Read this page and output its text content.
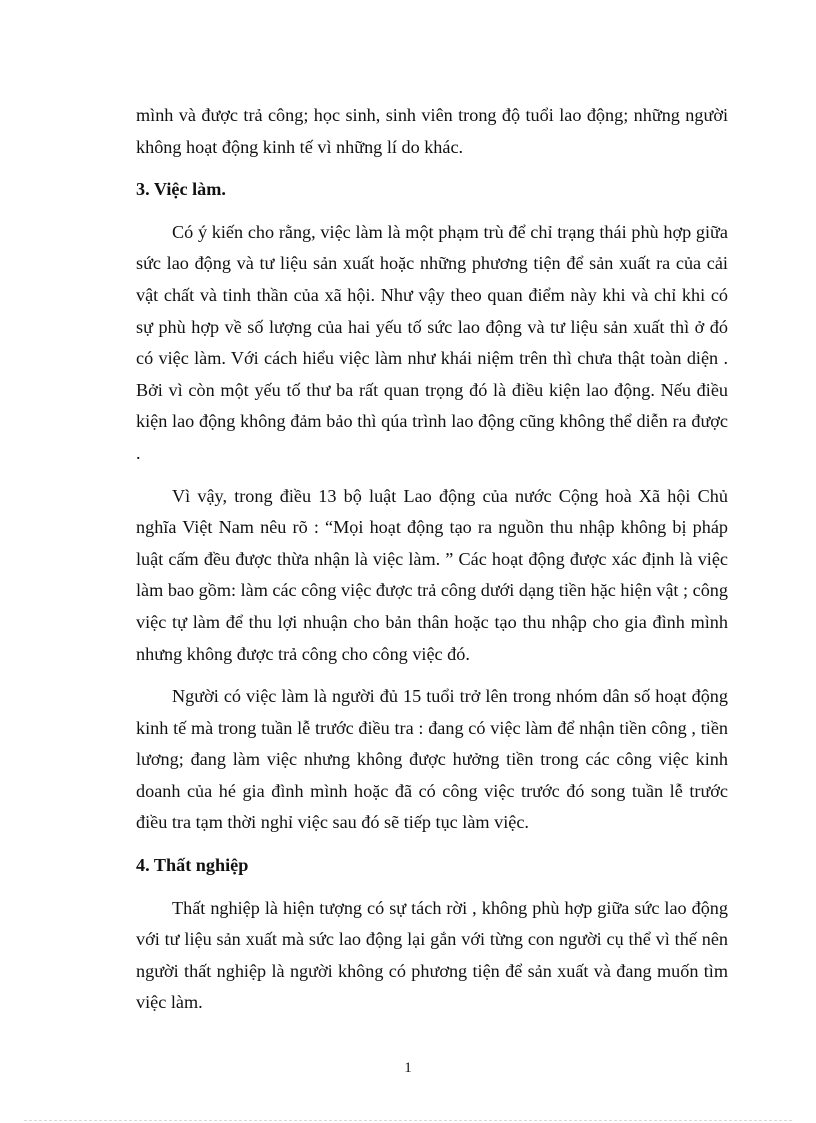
mình và được trả công; học sinh, sinh viên trong độ tuổi lao động; những người không hoạt động kinh tế vì những lí do khác.

3. Việc làm.

Có ý kiến cho rằng, việc làm là một phạm trù để chỉ trạng thái phù hợp giữa sức lao động và tư liệu sản xuất hoặc những phương tiện để sản xuất ra của cải vật chất và tinh thần của xã hội. Như vậy theo quan điểm này khi và chỉ khi có sự phù hợp về số lượng của hai yếu tố sức lao động và tư liệu sản xuất thì ở đó có việc làm. Với cách hiểu việc làm như khái niệm trên thì chưa thật toàn diện . Bởi vì còn một yếu tố thư ba rất quan trọng đó là điều kiện lao động. Nếu điều kiện lao động không đảm bảo thì qúa trình lao động cũng không thể diễn ra được .

Vì vậy, trong điều 13 bộ luật Lao động của nước Cộng hoà Xã hội Chủ nghĩa Việt Nam nêu rõ : “Mọi hoạt động tạo ra nguồn thu nhập không bị pháp luật cấm đều được thừa nhận là việc làm. ” Các hoạt động được xác định là việc làm bao gồm: làm các công việc được trả công dưới dạng tiền hặc hiện vật ; công việc tự làm để thu lợi nhuận cho bản thân hoặc tạo thu nhập cho gia đình mình nhưng không được trả công cho công việc đó.

Người có việc làm là người đủ 15 tuổi trở lên trong nhóm dân số hoạt động kinh tế mà trong tuần lễ trước điều tra : đang có việc làm để nhận tiền công , tiền lương; đang làm việc nhưng không được hưởng tiền trong các công việc kinh doanh của hé gia đình mình hoặc đã có công việc trước đó song tuần lễ trước điều tra tạm thời nghỉ việc sau đó sẽ tiếp tục làm việc.

4. Thất nghiệp

Thất nghiệp là hiện tượng có sự tách rời , không phù hợp giữa sức lao động với tư liệu sản xuất mà sức lao động lại gắn với từng con người cụ thể vì thế nên người thất nghiệp là người không có phương tiện để sản xuất và đang muốn tìm việc làm.

1
